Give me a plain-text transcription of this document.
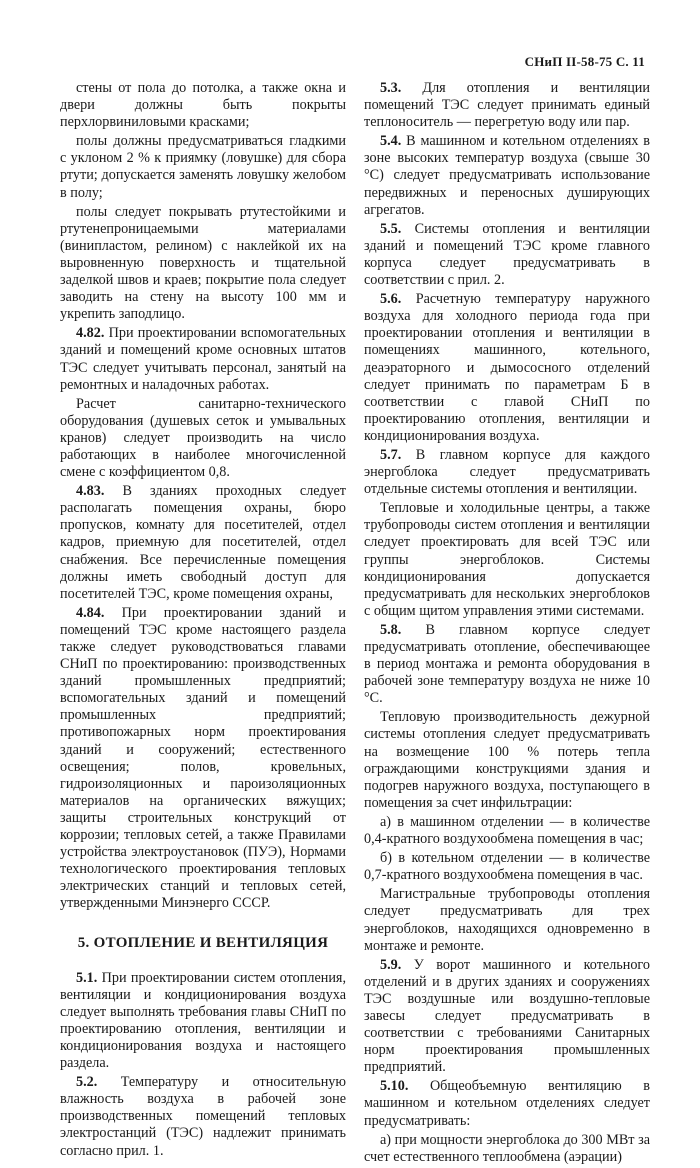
СНиП II-58-75 С. 11

стены от пола до потолка, а также окна и двери должны быть покрыты перхлорвиниловыми красками;

полы должны предусматриваться гладкими с уклоном 2 % к приямку (ловушке) для сбора ртути; допускается заменять ловушку желобом в полу;

полы следует покрывать ртутестойкими и ртутенепроницаемыми материалами (винипластом, релином) с наклейкой их на выровненную поверхность и тщательной заделкой швов и краев; покрытие пола следует заводить на стену на высоту 100 мм и укрепить заподлицо.

4.82. При проектировании вспомогательных зданий и помещений кроме основных штатов ТЭС следует учитывать персонал, занятый на ремонтных и наладочных работах.

Расчет санитарно-технического оборудования (душевых сеток и умывальных кранов) следует производить на число работающих в наиболее многочисленной смене с коэффициентом 0,8.

4.83. В зданиях проходных следует располагать помещения охраны, бюро пропусков, комнату для посетителей, отдел кадров, приемную для посетителей, отдел снабжения. Все перечисленные помещения должны иметь свободный доступ для посетителей ТЭС, кроме помещения охраны,

4.84. При проектировании зданий и помещений ТЭС кроме настоящего раздела также следует руководствоваться главами СНиП по проектированию: производственных зданий промышленных предприятий; вспомогательных зданий и помещений промышленных предприятий; противопожарных норм проектирования зданий и сооружений; естественного освещения; полов, кровельных, гидроизоляционных и пароизоляционных материалов на органических вяжущих; защиты строительных конструкций от коррозии; тепловых сетей, а также Правилами устройства электроустановок (ПУЭ), Нормами технологического проектирования тепловых электрических станций и тепловых сетей, утвержденными Минэнерго СССР.

5. ОТОПЛЕНИЕ И ВЕНТИЛЯЦИЯ

5.1. При проектировании систем отопления, вентиляции и кондиционирования воздуха следует выполнять требования главы СНиП по проектированию отопления, вентиляции и кондиционирования воздуха и настоящего раздела.

5.2. Температуру и относительную влажность воздуха в рабочей зоне производственных помещений тепловых электростанций (ТЭС) надлежит принимать согласно прил. 1.

5.3. Для отопления и вентиляции помещений ТЭС следует принимать единый теплоноситель — перегретую воду или пар.

5.4. В машинном и котельном отделениях в зоне высоких температур воздуха (свыше 30 °С) следует предусматривать использование передвижных и переносных душирующих агрегатов.

5.5. Системы отопления и вентиляции зданий и помещений ТЭС кроме главного корпуса следует предусматривать в соответствии с прил. 2.

5.6. Расчетную температуру наружного воздуха для холодного периода года при проектировании отопления и вентиляции в помещениях машинного, котельного, деаэраторного и дымососного отделений следует принимать по параметрам Б в соответствии с главой СНиП по проектированию отопления, вентиляции и кондиционирования воздуха.

5.7. В главном корпусе для каждого энергоблока следует предусматривать отдельные системы отопления и вентиляции.

Тепловые и холодильные центры, а также трубопроводы систем отопления и вентиляции следует проектировать для всей ТЭС или группы энергоблоков. Системы кондиционирования допускается предусматривать для нескольких энергоблоков с общим щитом управления этими системами.

5.8. В главном корпусе следует предусматривать отопление, обеспечивающее в период монтажа и ремонта оборудования в рабочей зоне температуру воздуха не ниже 10 °С.

Тепловую производительность дежурной системы отопления следует предусматривать на возмещение 100 % потерь тепла ограждающими конструкциями здания и подогрев наружного воздуха, поступающего в помещения за счет инфильтрации:

а) в машинном отделении — в количестве 0,4-кратного воздухообмена помещения в час;

б) в котельном отделении — в количестве 0,7-кратного воздухообмена помещения в час.

Магистральные трубопроводы отопления следует предусматривать для трех энергоблоков, находящихся одновременно в монтаже и ремонте.

5.9. У ворот машинного и котельного отделений и в других зданиях и сооружениях ТЭС воздушные или воздушно-тепловые завесы следует предусматривать в соответствии с требованиями Санитарных норм проектирования промышленных предприятий.

5.10. Общеобъемную вентиляцию в машинном и котельном отделениях следует предусматривать:

а) при мощности энергоблока до 300 МВт за счет естественного теплообмена (аэрации)
